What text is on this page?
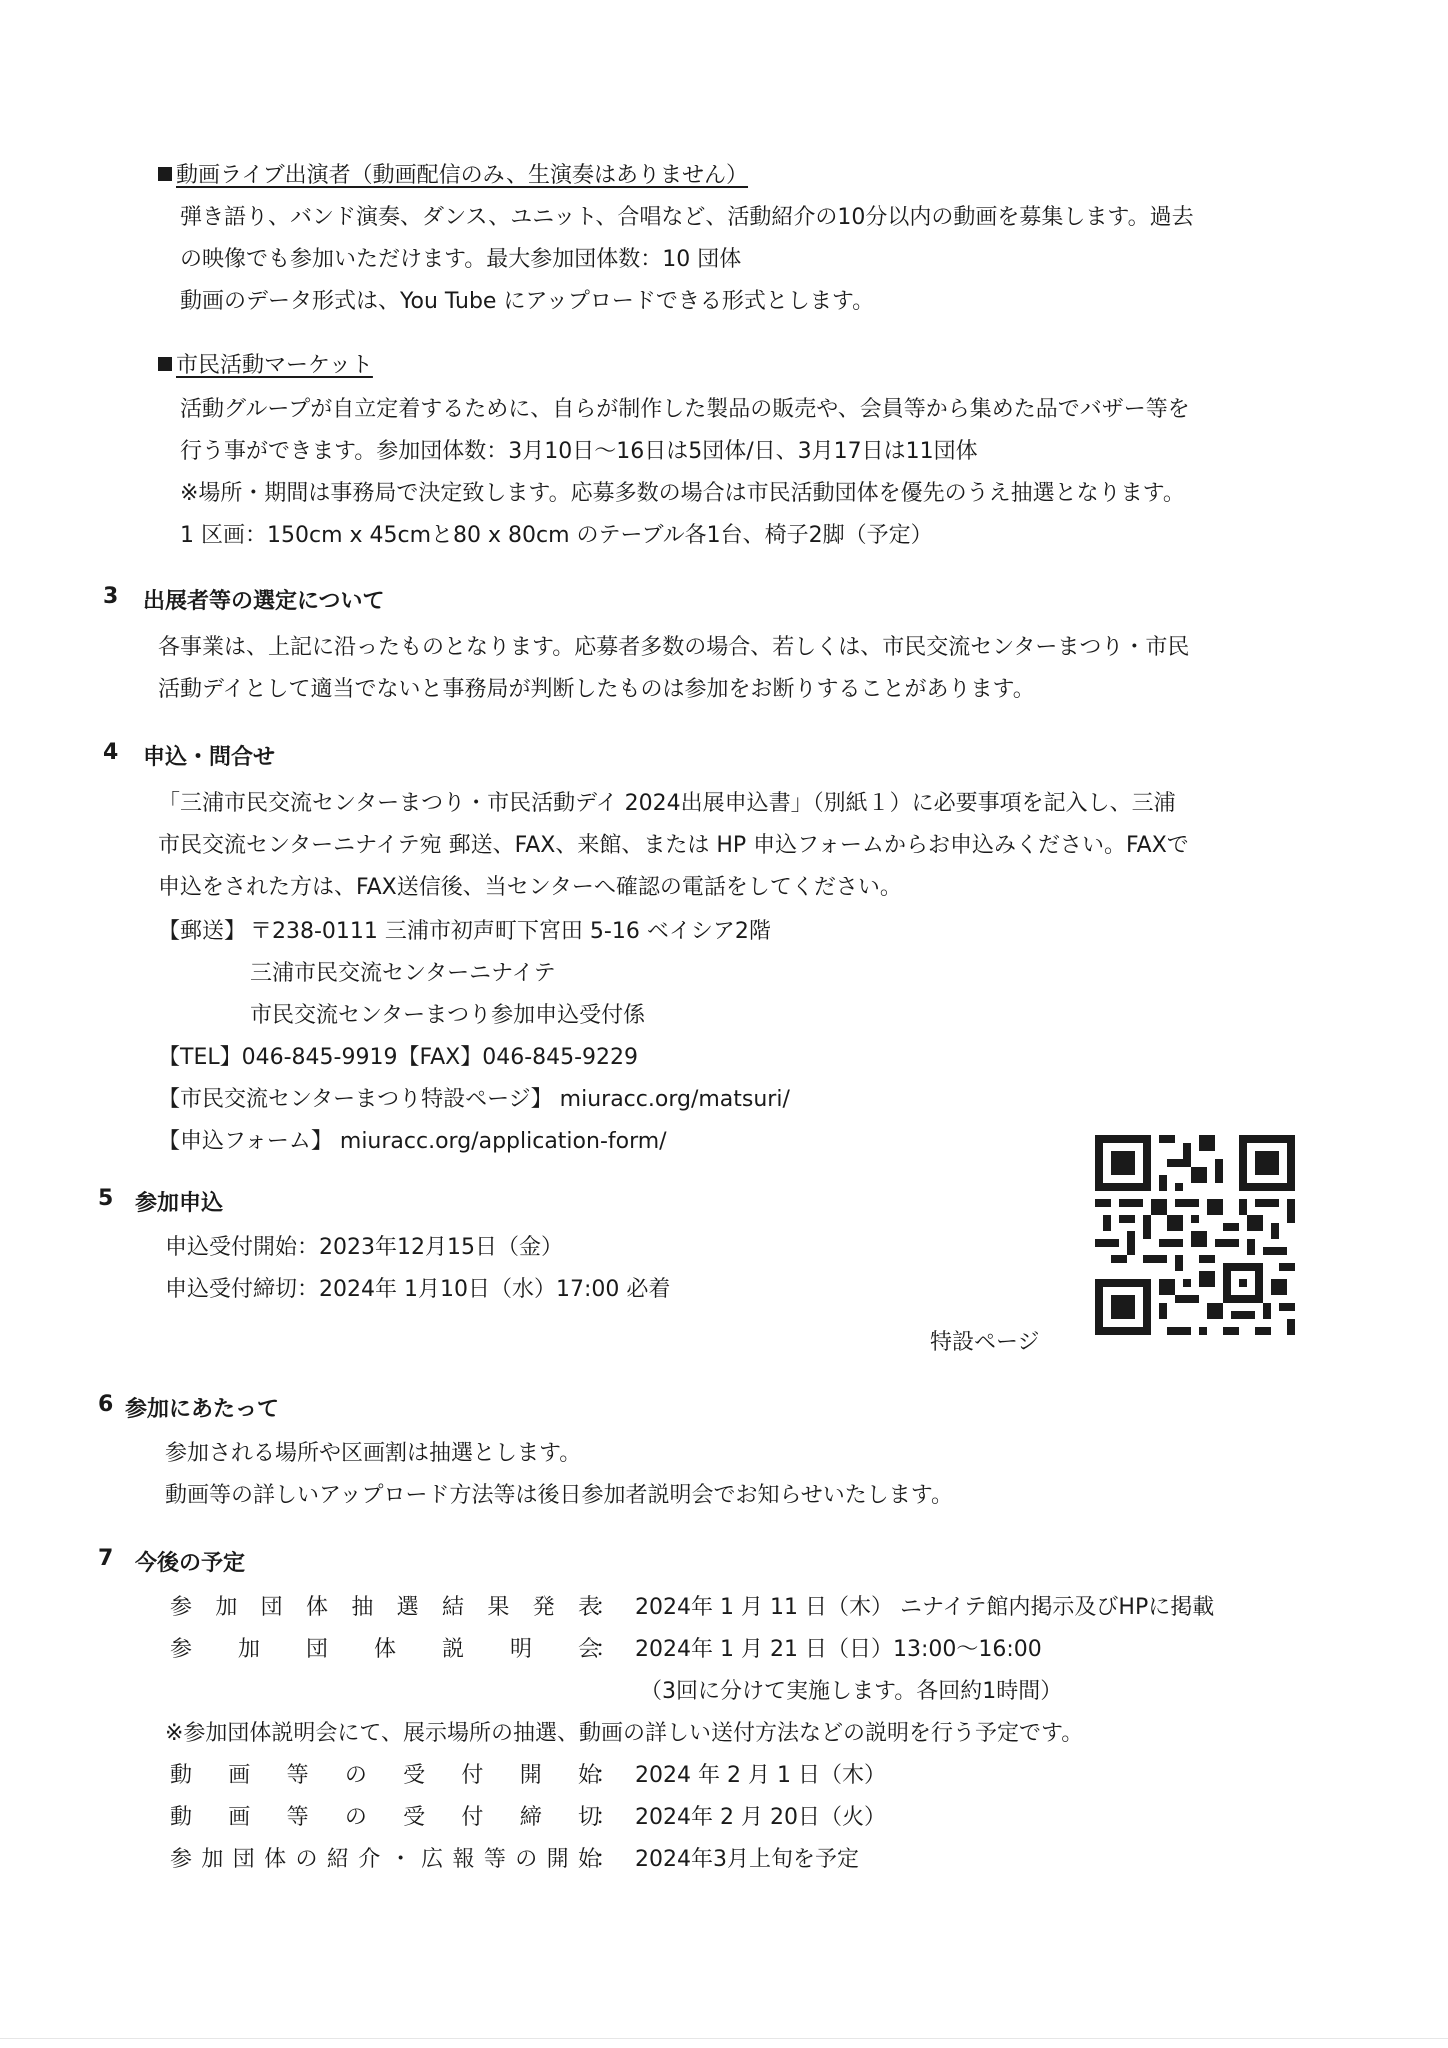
動画ライブ出演者（動画配信のみ、生演奏はありません）
弾き語り、バンド演奏、ダンス、ユニット、合唱など、活動紹介の10分以内の動画を募集します。過去
の映像でも参加いただけます。最大参加団体数：10 団体
動画のデータ形式は、You Tube にアップロードできる形式とします。
市民活動マーケット
活動グループが自立定着するために、自らが制作した製品の販売や、会員等から集めた品でバザー等を
行う事ができます。参加団体数：3月10日～16日は5団体/日、3月17日は11団体
※場所・期間は事務局で決定致します。応募多数の場合は市民活動団体を優先のうえ抽選となります。
1 区画：150cm x 45cmと80 x 80cm のテーブル各1台、椅子2脚（予定）
3 出展者等の選定について
各事業は、上記に沿ったものとなります。応募者多数の場合、若しくは、市民交流センターまつり・市民
活動デイとして適当でないと事務局が判断したものは参加をお断りすることがあります。
4 申込・問合せ
「三浦市民交流センターまつり・市民活動デイ 2024出展申込書」（別紙１）に必要事項を記入し、三浦
市民交流センターニナイテ宛 郵送、FAX、来館、または HP 申込フォームからお申込みください。FAXで
申込をされた方は、FAX送信後、当センターへ確認の電話をしてください。
【郵送】 〒238-0111 三浦市初声町下宮田 5-16 ベイシア2階
三浦市民交流センターニナイテ
市民交流センターまつり参加申込受付係
【TEL】046-845-9919【FAX】046-845-9229
【市民交流センターまつり特設ページ】 miuracc.org/matsuri/
【申込フォーム】 miuracc.org/application-form/
5 参加申込
申込受付開始：2023年12月15日（金）
申込受付締切：2024年 1月10日（水）17:00 必着
特設ページ
6 参加にあたって
参加される場所や区画割は抽選とします。
動画等の詳しいアップロード方法等は後日参加者説明会でお知らせいたします。
7 今後の予定
参加団体抽選結果発表
： 2024年 1 月 11 日（木） ニナイテ館内掲示及びHPに掲載
参加団体説明会
： 2024年 1 月 21 日（日）13:00～16:00
（3回に分けて実施します。各回約1時間）
※参加団体説明会にて、展示場所の抽選、動画の詳しい送付方法などの説明を行う予定です。
動画等の受付開始
： 2024 年 2 月 1 日（木）
動画等の受付締切
： 2024年 2 月 20日（火）
参加団体の紹介・広報等の開始
： 2024年3月上旬を予定
